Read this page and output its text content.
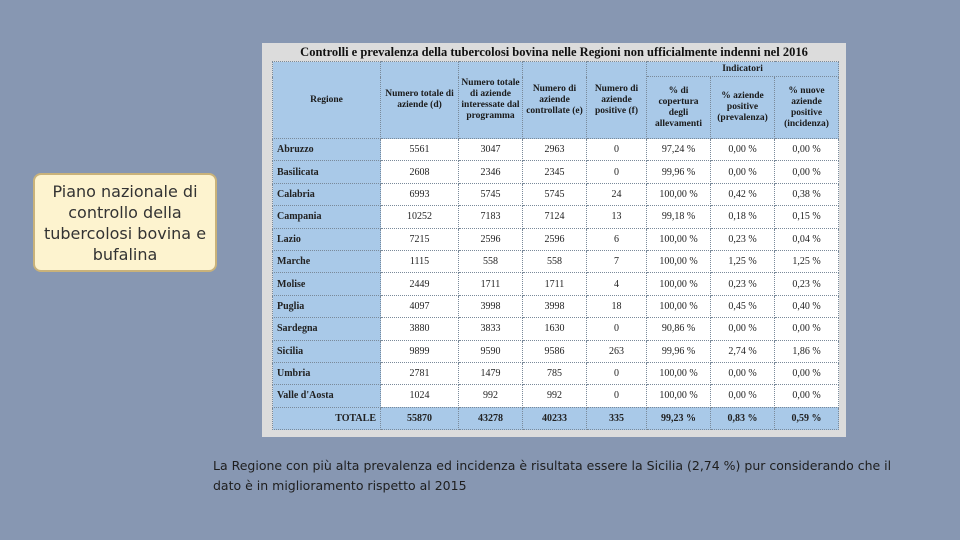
Piano nazionale di controllo della tubercolosi bovina e bufalina
Controlli e prevalenza della tubercolosi bovina nelle Regioni non ufficialmente indenni nel 2016
Regione	Numero totale di aziende (d)	Numero totale di aziende interessate dal programma	Numero di aziende controllate (e)	Numero di aziende positive (f)	Indicatori		
					% di copertura degli allevamenti	% aziende positive (prevalenza)	% nuove aziende positive (incidenza)
Abruzzo	5561	3047	2963	0	97,24 %	0,00 %	0,00 %
Basilicata	2608	2346	2345	0	99,96 %	0,00 %	0,00 %
Calabria	6993	5745	5745	24	100,00 %	0,42 %	0,38 %
Campania	10252	7183	7124	13	99,18 %	0,18 %	0,15 %
Lazio	7215	2596	2596	6	100,00 %	0,23 %	0,04 %
Marche	1115	558	558	7	100,00 %	1,25 %	1,25 %
Molise	2449	1711	1711	4	100,00 %	0,23 %	0,23 %
Puglia	4097	3998	3998	18	100,00 %	0,45 %	0,40 %
Sardegna	3880	3833	1630	0	90,86 %	0,00 %	0,00 %
Sicilia	9899	9590	9586	263	99,96 %	2,74 %	1,86 %
Umbria	2781	1479	785	0	100,00 %	0,00 %	0,00 %
Valle d'Aosta	1024	992	992	0	100,00 %	0,00 %	0,00 %
TOTALE	55870	43278	40233	335	99,23 %	0,83 %	0,59 %
La Regione con più alta prevalenza ed incidenza è risultata essere la Sicilia (2,74 %) pur considerando che il dato è in miglioramento rispetto al 2015
